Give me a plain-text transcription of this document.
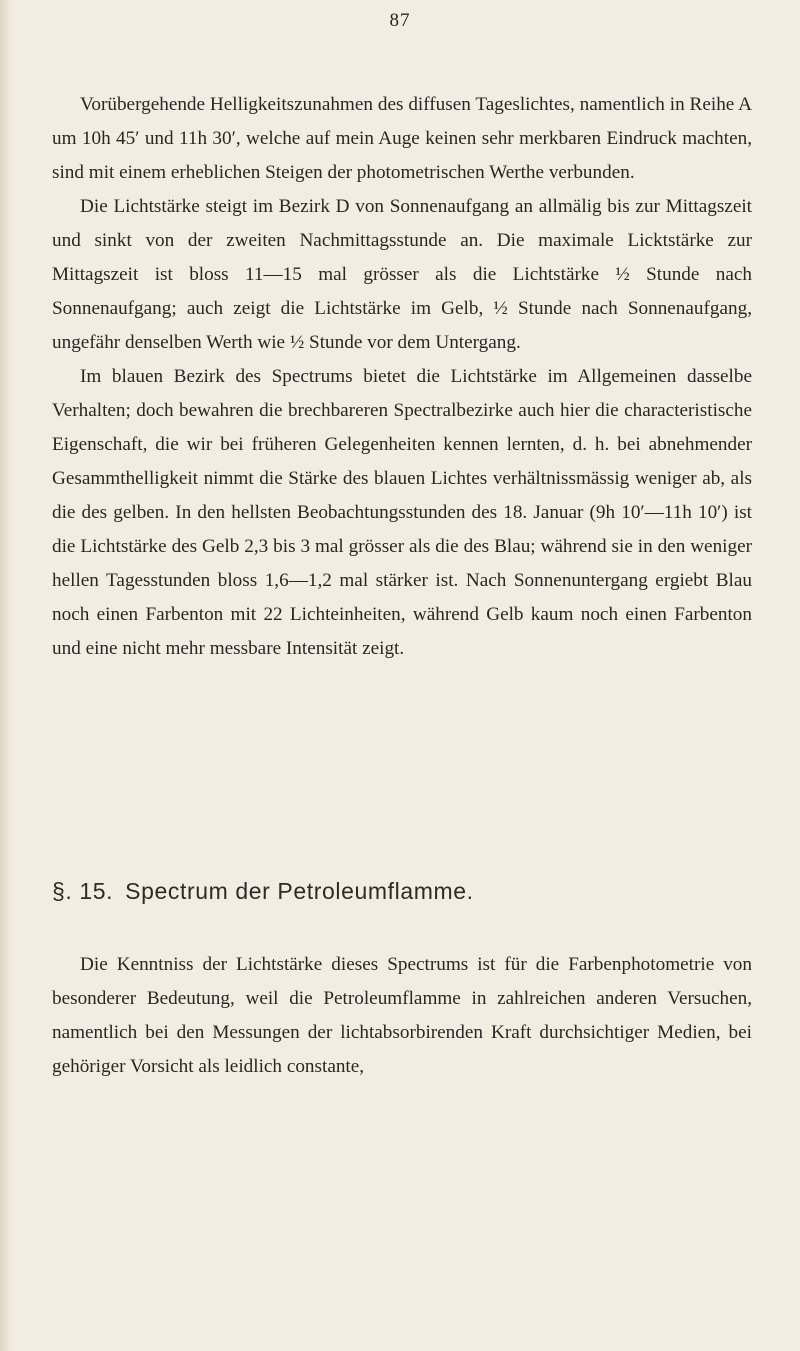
87

Vorübergehende Helligkeitszunahmen des diffusen Tageslichtes, namentlich in Reihe A um 10h 45′ und 11h 30′, welche auf mein Auge keinen sehr merkbaren Eindruck machten, sind mit einem erheblichen Steigen der photometrischen Werthe verbunden.

Die Lichtstärke steigt im Bezirk D von Sonnenaufgang an allmälig bis zur Mittagszeit und sinkt von der zweiten Nachmittagsstunde an. Die maximale Licktstärke zur Mittagszeit ist bloss 11—15 mal grösser als die Lichtstärke ½ Stunde nach Sonnenaufgang; auch zeigt die Lichtstärke im Gelb, ½ Stunde nach Sonnenaufgang, ungefähr denselben Werth wie ½ Stunde vor dem Untergang.

Im blauen Bezirk des Spectrums bietet die Lichtstärke im Allgemeinen dasselbe Verhalten; doch bewahren die brechbareren Spectralbezirke auch hier die characteristische Eigenschaft, die wir bei früheren Gelegenheiten kennen lernten, d. h. bei abnehmender Gesammthelligkeit nimmt die Stärke des blauen Lichtes verhältnissmässig weniger ab, als die des gelben. In den hellsten Beobachtungsstunden des 18. Januar (9h 10′—11h 10′) ist die Lichtstärke des Gelb 2,3 bis 3 mal grösser als die des Blau; während sie in den weniger hellen Tagesstunden bloss 1,6—1,2 mal stärker ist. Nach Sonnenuntergang ergiebt Blau noch einen Farbenton mit 22 Lichteinheiten, während Gelb kaum noch einen Farbenton und eine nicht mehr messbare Intensität zeigt.

§. 15. Spectrum der Petroleumflamme.

Die Kenntniss der Lichtstärke dieses Spectrums ist für die Farbenphotometrie von besonderer Bedeutung, weil die Petroleumflamme in zahlreichen anderen Versuchen, namentlich bei den Messungen der lichtabsorbirenden Kraft durchsichtiger Medien, bei gehöriger Vorsicht als leidlich constante,
